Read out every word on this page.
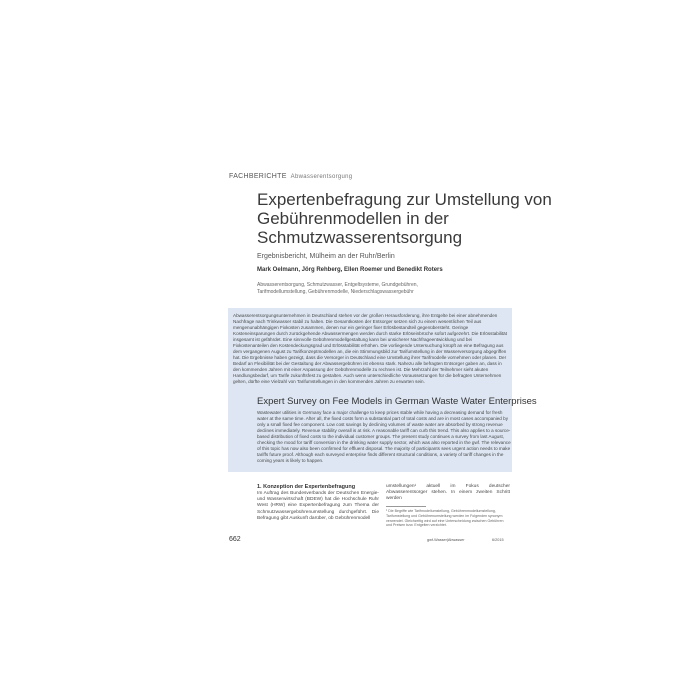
FACHBERICHTE Abwasserentsorgung
Expertenbefragung zur Umstellung von Gebührenmodellen in der Schmutzwasserentsorgung
Ergebnisbericht, Mülheim an der Ruhr/Berlin
Mark Oelmann, Jörg Rehberg, Ellen Roemer und Benedikt Roters
Abwasserentsorgung, Schmutzwasser, Entgeltsysteme, Grundgebühren, Tarifmodellumstellung, Gebührenmodelle, Niederschlagswassergebühr
Abwasserentsorgungsunternehmen in Deutschland stehen vor der großen Herausforderung, ihre Entgelte bei einer abnehmenden Nachfrage nach Trinkwasser stabil zu halten. Die Gesamtkosten der Entsorger setzen sich zu einem wesentlichen Teil aus mengenunabhängigen Fixkosten zusammen, denen nur ein geringer fixer Erlösbestandteil gegenübersteht. Geringe Kosteneinsparungen durch zurückgehende Abwassermengen werden durch starke Erlöseinbrüche sofort aufgezehrt. Die Erlösstabilität insgesamt ist gefährdet. Eine sinnvolle Gebührenmodellgestaltung kann bei unsicherer Nachfrageentwicklung und bei Fixkostenanteilen den Kostendeckungsgrad und Erlösstabilität erhöhen. Die vorliegende Untersuchung knüpft an eine Befragung aus dem vergangenen August zu Tarifkonzeptmodellen an, die ein Stimmungsbild zur Tarifumstellung in der Wasserversorgung abgegriffen hat. Die Ergebnisse haben gezeigt, dass die Versorger in Deutschland eine Umstellung ihrer Tarifmodelle vornehmen oder planen. Der Bedarf an Flexibilität bei der Gestaltung der Abwassergebühren ist ebenso stark. Nahezu alle befragten Entsorger gaben an, dass in den kommenden Jahren mit einer Anpassung der Gebührenmodelle zu rechnen ist. Die Mehrzahl der Teilnehmer sieht akuten Handlungsbedarf, um Tarife zukunftsfest zu gestalten. Auch wenn unterschiedliche Voraussetzungen für die befragten Unternehmen gelten, dürfte eine Vielzahl von Tarifumstellungen in den kommenden Jahren zu erwarten sein.
Expert Survey on Fee Models in German Waste Water Enterprises
Wastewater utilities in Germany face a major challenge to keep prices stable while having a decreasing demand for fresh water at the same time. After all, the fixed costs form a substantial part of total costs and are in most cases accompanied by only a small fixed fee component. Low cost savings by declining volumes of waste water are absorbed by strong revenue declines immediately. Revenue stability overall is at risk. A reasonable tariff can curb this trend. This also applies to a source-based distribution of fixed costs to the individual customer groups. The present study continues a survey from last August, checking the mood for tariff conversion in the drinking water supply sector, which was also reported in the gwf. The relevance of this topic has now also been confirmed for effluent disposal. The majority of participants sees urgent action needs to make tariffs future proof. Although each surveyed enterprise finds different structural conditions, a variety of tariff changes in the coming years is likely to happen.
1. Konzeption der Expertenbefragung
Im Auftrag des Bundesverbands der Deutschen Energie- und Wasserwirtschaft (BDEW) hat die Hochschule Ruhr West (HRW) eine Expertenbefragung zum Thema der Schmutzwassergebührenumstellung durchgeführt. Die Befragung gibt Auskunft darüber, ob Gebührenmodell
umstellungen¹ aktuell im Fokus deutscher Abwasserentsorger stehen. In einem zweiten Schritt werden
¹ Die Begriffe wie Tarifmodellumstellung, Gebührenmodellumstellung, Tarifumstellung und Gebührenumstellung werden im Folgenden synonym verwendet. Gleichzeitig wird auf eine Unterscheidung zwischen Gebühren und Preisen bzw. Entgelten verzichtet.
662	gwf-Wasser|Abwasser	6/2015
